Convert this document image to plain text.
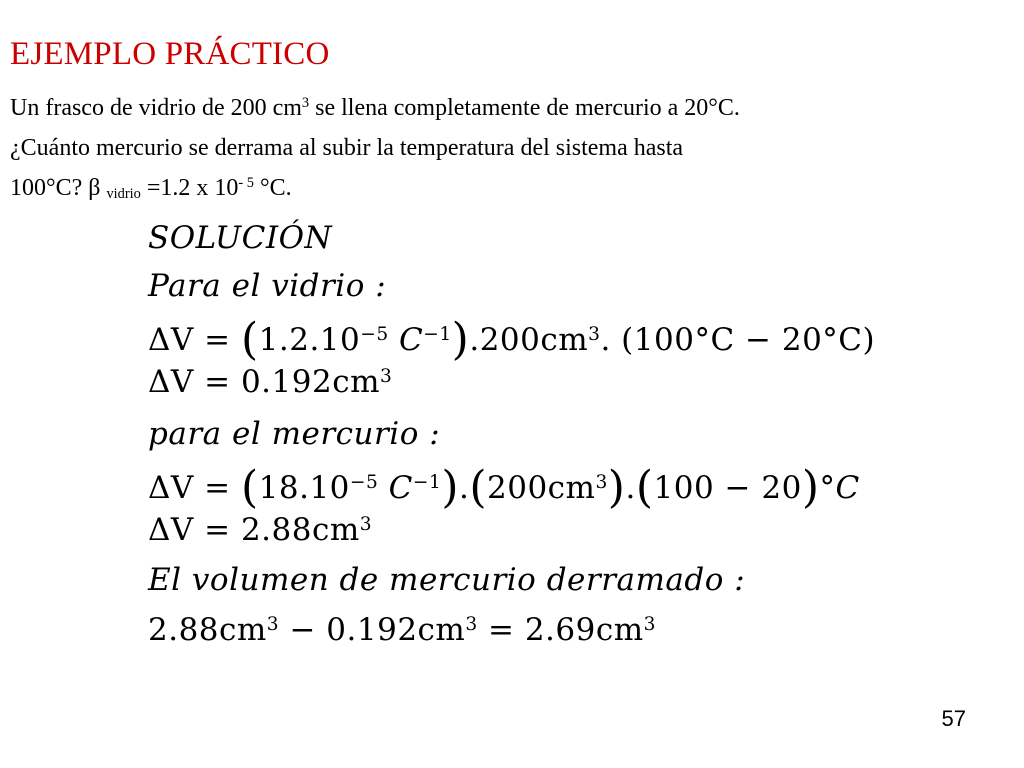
EJEMPLO PRÁCTICO
Un frasco de vidrio de 200 $cm^3$ se llena completamente de mercurio a 20°C.
¿Cuánto mercurio se derrama al subir la temperatura del sistema hasta
100°C? β $_{vidrio}$ =1.2 x $10^{- 5}$ °C.
SOLUCIÓN
Para el vidrio :
$\Delta V = (1.2.10^{-5}$ $C^{-1}).200cm^3$. (100°C − 20°C)
$\Delta V = 0.192cm^3$
para el mercurio :
$\Delta V = (18.10^{-5}$ $C^{-1}).(200cm^3).(100 - 20)^\circ C$
$\Delta V = 2.88cm^3$
El volumen de mercurio derramado :
$2.88cm^3 - 0.192cm^3 = 2.69cm^3$
57
